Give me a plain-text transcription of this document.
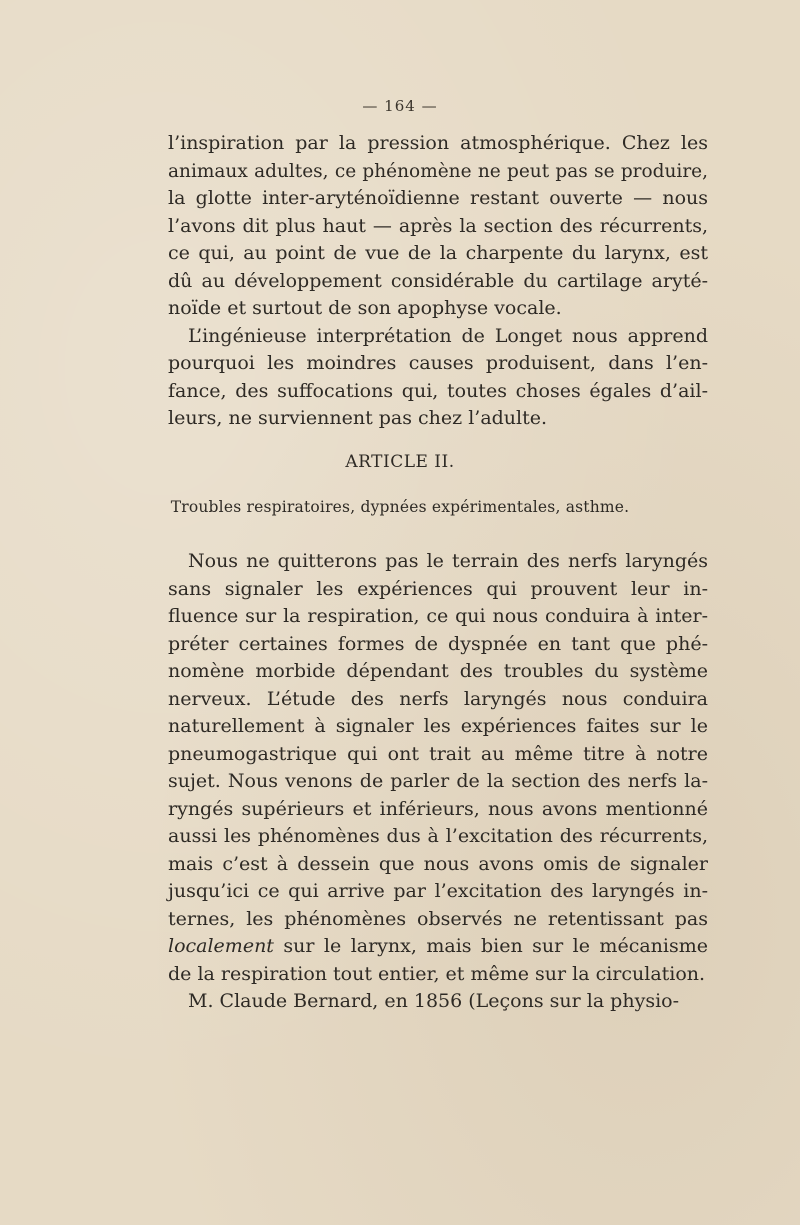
— 164 —
l’inspiration par la pression atmosphérique. Chez les
animaux adultes, ce phénomène ne peut pas se produire,
la glotte inter-aryténoïdienne restant ouverte — nous
l’avons dit plus haut — après la section des récurrents,
ce qui, au point de vue de la charpente du larynx, est
dû au développement considérable du cartilage aryté-
noïde et surtout de son apophyse vocale.
L’ingénieuse interprétation de Longet nous apprend
pourquoi les moindres causes produisent, dans l’en-
fance, des suffocations qui, toutes choses égales d’ail-
leurs, ne surviennent pas chez l’adulte.
ARTICLE II.
Troubles respiratoires, dypnées expérimentales, asthme.
Nous ne quitterons pas le terrain des nerfs laryngés
sans signaler les expériences qui prouvent leur in-
fluence sur la respiration, ce qui nous conduira à inter-
préter certaines formes de dyspnée en tant que phé-
nomène morbide dépendant des troubles du système
nerveux. L’étude des nerfs laryngés nous conduira
naturellement à signaler les expériences faites sur le
pneumogastrique qui ont trait au même titre à notre
sujet. Nous venons de parler de la section des nerfs la-
ryngés supérieurs et inférieurs, nous avons mentionné
aussi les phénomènes dus à l’excitation des récurrents,
mais c’est à dessein que nous avons omis de signaler
jusqu’ici ce qui arrive par l’excitation des laryngés in-
ternes, les phénomènes observés ne retentissant pas
localement sur le larynx, mais bien sur le mécanisme
de la respiration tout entier, et même sur la circulation.
M. Claude Bernard, en 1856 (Leçons sur la physio-
